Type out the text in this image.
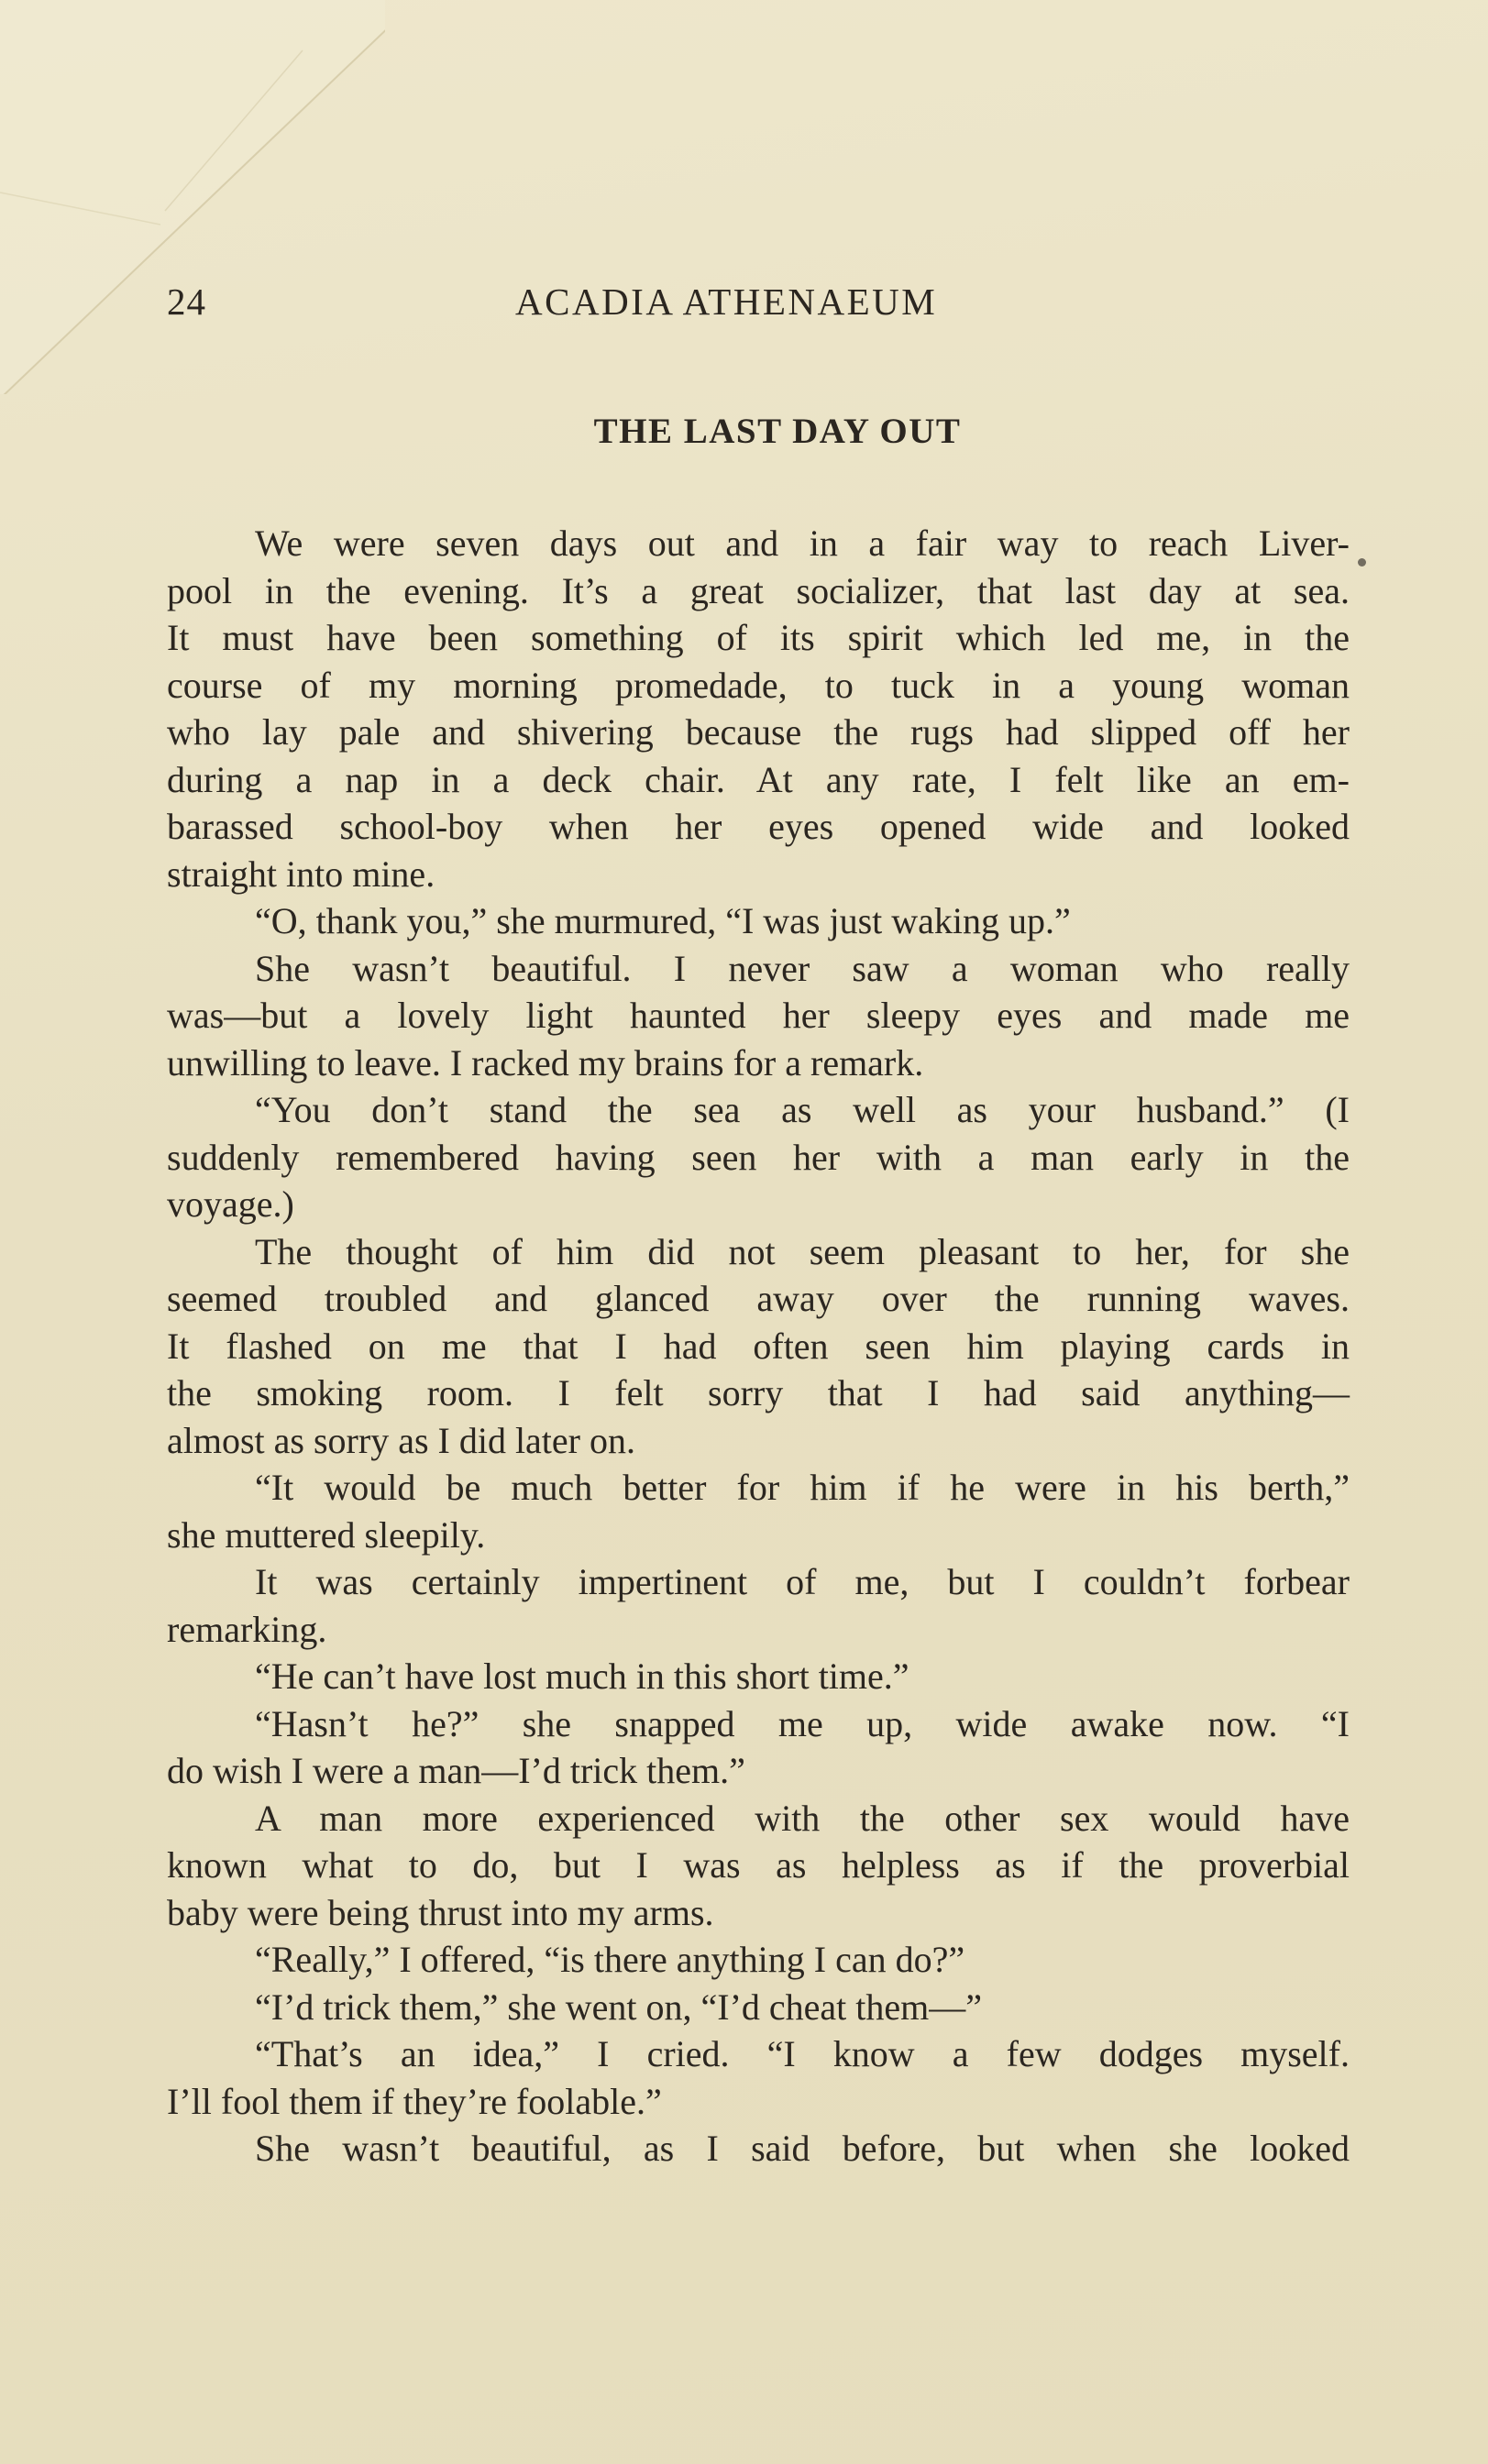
24	ACADIA ATHENAEUM
THE LAST DAY OUT
We were seven days out and in a fair way to reach Liver-
pool in the evening. It’s a great socializer, that last day at sea.
It must have been something of its spirit which led me, in the
course of my morning promedade, to tuck in a young woman
who lay pale and shivering because the rugs had slipped off her
during a nap in a deck chair. At any rate, I felt like an em-
barassed school-boy when her eyes opened wide and looked
straight into mine.
“O, thank you,” she murmured, “I was just waking up.”
She wasn’t beautiful. I never saw a woman who really
was—but a lovely light haunted her sleepy eyes and made me
unwilling to leave. I racked my brains for a remark.
“You don’t stand the sea as well as your husband.” (I
suddenly remembered having seen her with a man early in the
voyage.)
The thought of him did not seem pleasant to her, for she
seemed troubled and glanced away over the running waves.
It flashed on me that I had often seen him playing cards in
the smoking room. I felt sorry that I had said anything—
almost as sorry as I did later on.
“It would be much better for him if he were in his berth,”
she muttered sleepily.
It was certainly impertinent of me, but I couldn’t forbear
remarking.
“He can’t have lost much in this short time.”
“Hasn’t he?” she snapped me up, wide awake now. “I
do wish I were a man—I’d trick them.”
A man more experienced with the other sex would have
known what to do, but I was as helpless as if the proverbial
baby were being thrust into my arms.
“Really,” I offered, “is there anything I can do?”
“I’d trick them,” she went on, “I’d cheat them—”
“That’s an idea,” I cried. “I know a few dodges myself.
I’ll fool them if they’re foolable.”
She wasn’t beautiful, as I said before, but when she looked
